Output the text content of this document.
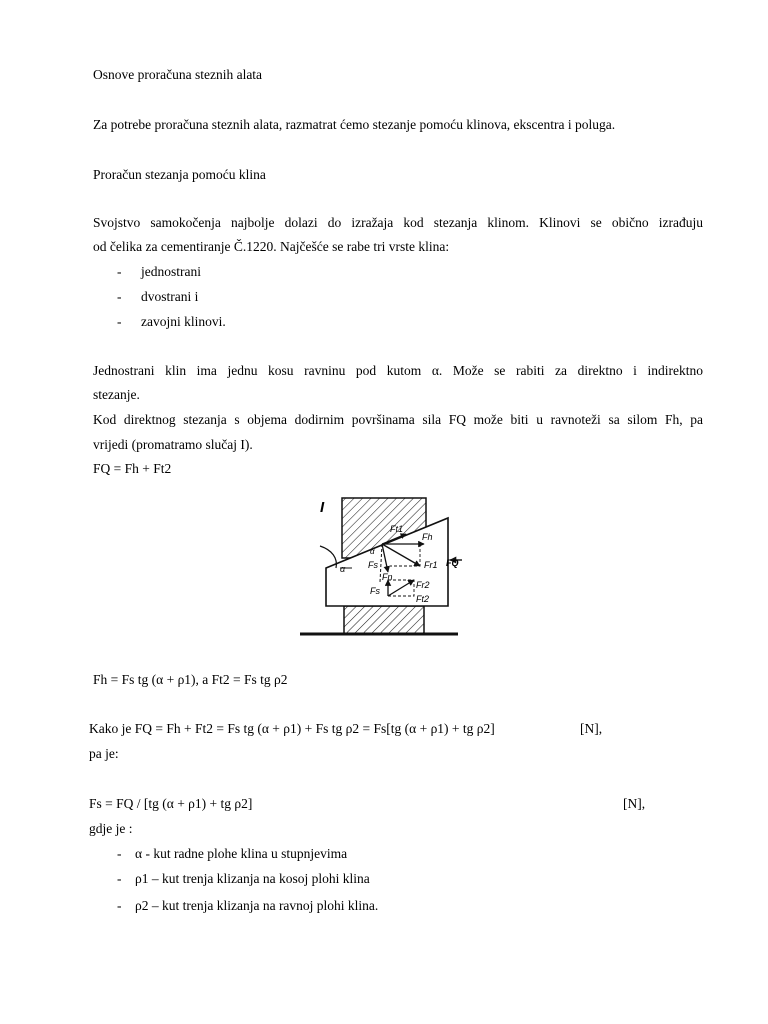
Osnove proračuna steznih alata
Za potrebe proračuna steznih alata, razmatrat ćemo stezanje pomoću klinova, ekscentra i poluga.
Proračun stezanja pomoću klina
Svojstvo samokočenja najbolje dolazi do izražaja kod stezanja klinom. Klinovi se obično izrađuju
od čelika za cementiranje Č.1220. Najčešće se rabe tri vrste klina:
- jednostrani
- dvostrani i
- zavojni klinovi.
Jednostrani klin ima jednu kosu ravninu pod kutom α. Može se rabiti za direktno i indirektno
stezanje.
Kod direktnog stezanja s objema dodirnim površinama sila FQ može biti u ravnoteži sa silom Fh, pa
vrijedi (promatramo slučaj I).
FQ = Fh + Ft2
I
α
Ft1
Fh
α
Fs	Fr1
Fn
Fr2
Fs
Ft2
FQ
Fh = Fs tg (α + ρ1), a Ft2 = Fs tg ρ2
Kako je FQ = Fh + Ft2 = Fs tg (α + ρ1) + Fs tg ρ2 = Fs[tg (α + ρ1) + tg ρ2]	[N],
pa je:
Fs = FQ / [tg (α + ρ1) + tg ρ2]	[N],
gdje je :
- α - kut radne plohe klina u stupnjevima
- ρ1 – kut trenja klizanja na kosoj plohi klina
- ρ2 – kut trenja klizanja na ravnoj plohi klina.
